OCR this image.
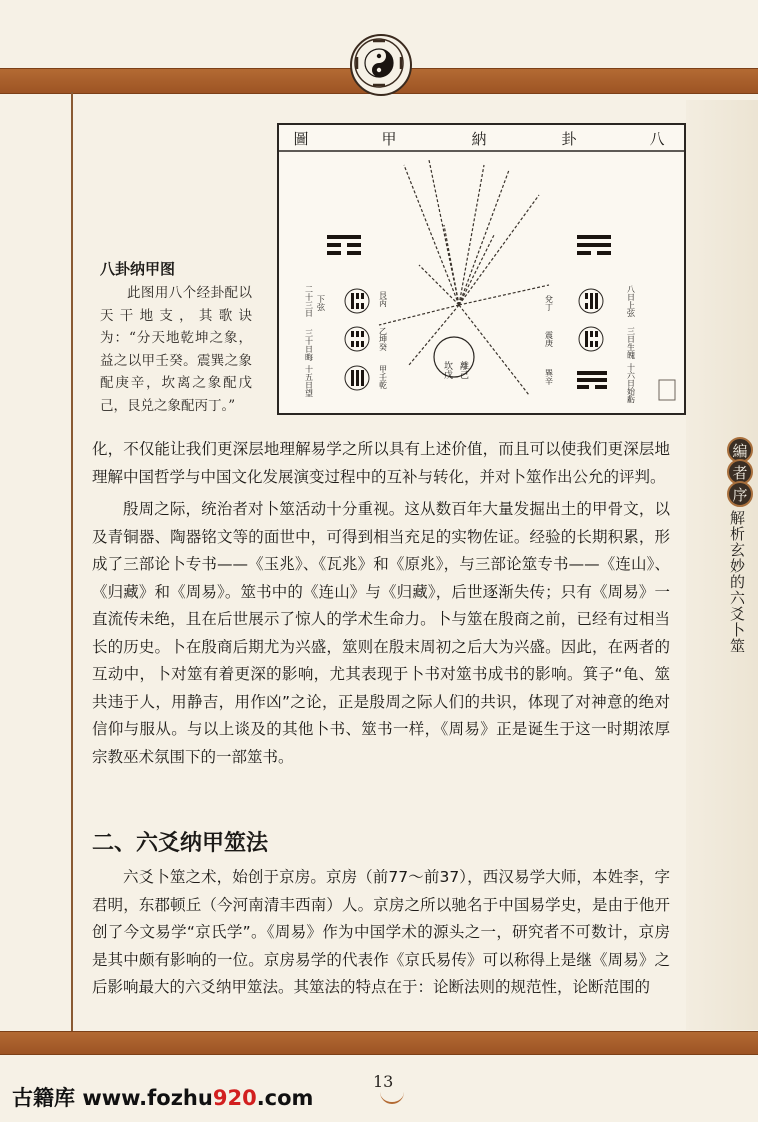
編
者
序
解析玄妙的六爻卜筮
八卦纳甲图
此图用八个经卦配以天干地支，其歌诀为：“分天地乾坤之象，益之以甲壬癸。震巽之象配庚辛，坎离之象配戊己，艮兑之象配丙丁。”
八
卦
納
甲
圖
離己
坎戊
下弦
二十三日	艮丙
三十日晦	乙坤癸
十五日望	甲壬乾
兌丁	八日上弦
震庚	三日生魄
巽辛	十六日始虧
化，不仅能让我们更深层地理解易学之所以具有上述价值，而且可以使我们更深层地理解中国哲学与中国文化发展演变过程中的互补与转化，并对卜筮作出公允的评判。
殷周之际，统治者对卜筮活动十分重视。这从数百年大量发掘出土的甲骨文，以及青铜器、陶器铭文等的面世中，可得到相当充足的实物佐证。经验的长期积累，形成了三部论卜专书——《玉兆》、《瓦兆》和《原兆》，与三部论筮专书——《连山》、《归藏》和《周易》。筮书中的《连山》与《归藏》，后世逐渐失传；只有《周易》一直流传未绝，且在后世展示了惊人的学术生命力。卜与筮在殷商之前，已经有过相当长的历史。卜在殷商后期尤为兴盛，筮则在殷末周初之后大为兴盛。因此，在两者的互动中，卜对筮有着更深的影响，尤其表现于卜书对筮书成书的影响。箕子“龟、筮共违于人，用静吉，用作凶”之论，正是殷周之际人们的共识，体现了对神意的绝对信仰与服从。与以上谈及的其他卜书、筮书一样，《周易》正是诞生于这一时期浓厚宗教巫术氛围下的一部筮书。
二、六爻纳甲筮法
六爻卜筮之术，始创于京房。京房（前77～前37），西汉易学大师，本姓李，字君明，东郡顿丘（今河南清丰西南）人。京房之所以驰名于中国易学史，是由于他开创了今文易学“京氏学”。《周易》作为中国学术的源头之一，研究者不可数计，京房是其中颇有影响的一位。京房易学的代表作《京氏易传》可以称得上是继《周易》之后影响最大的六爻纳甲筮法。其筮法的特点在于：论断法则的规范性，论断范围的
13
古籍库 www.fozhu920.com
